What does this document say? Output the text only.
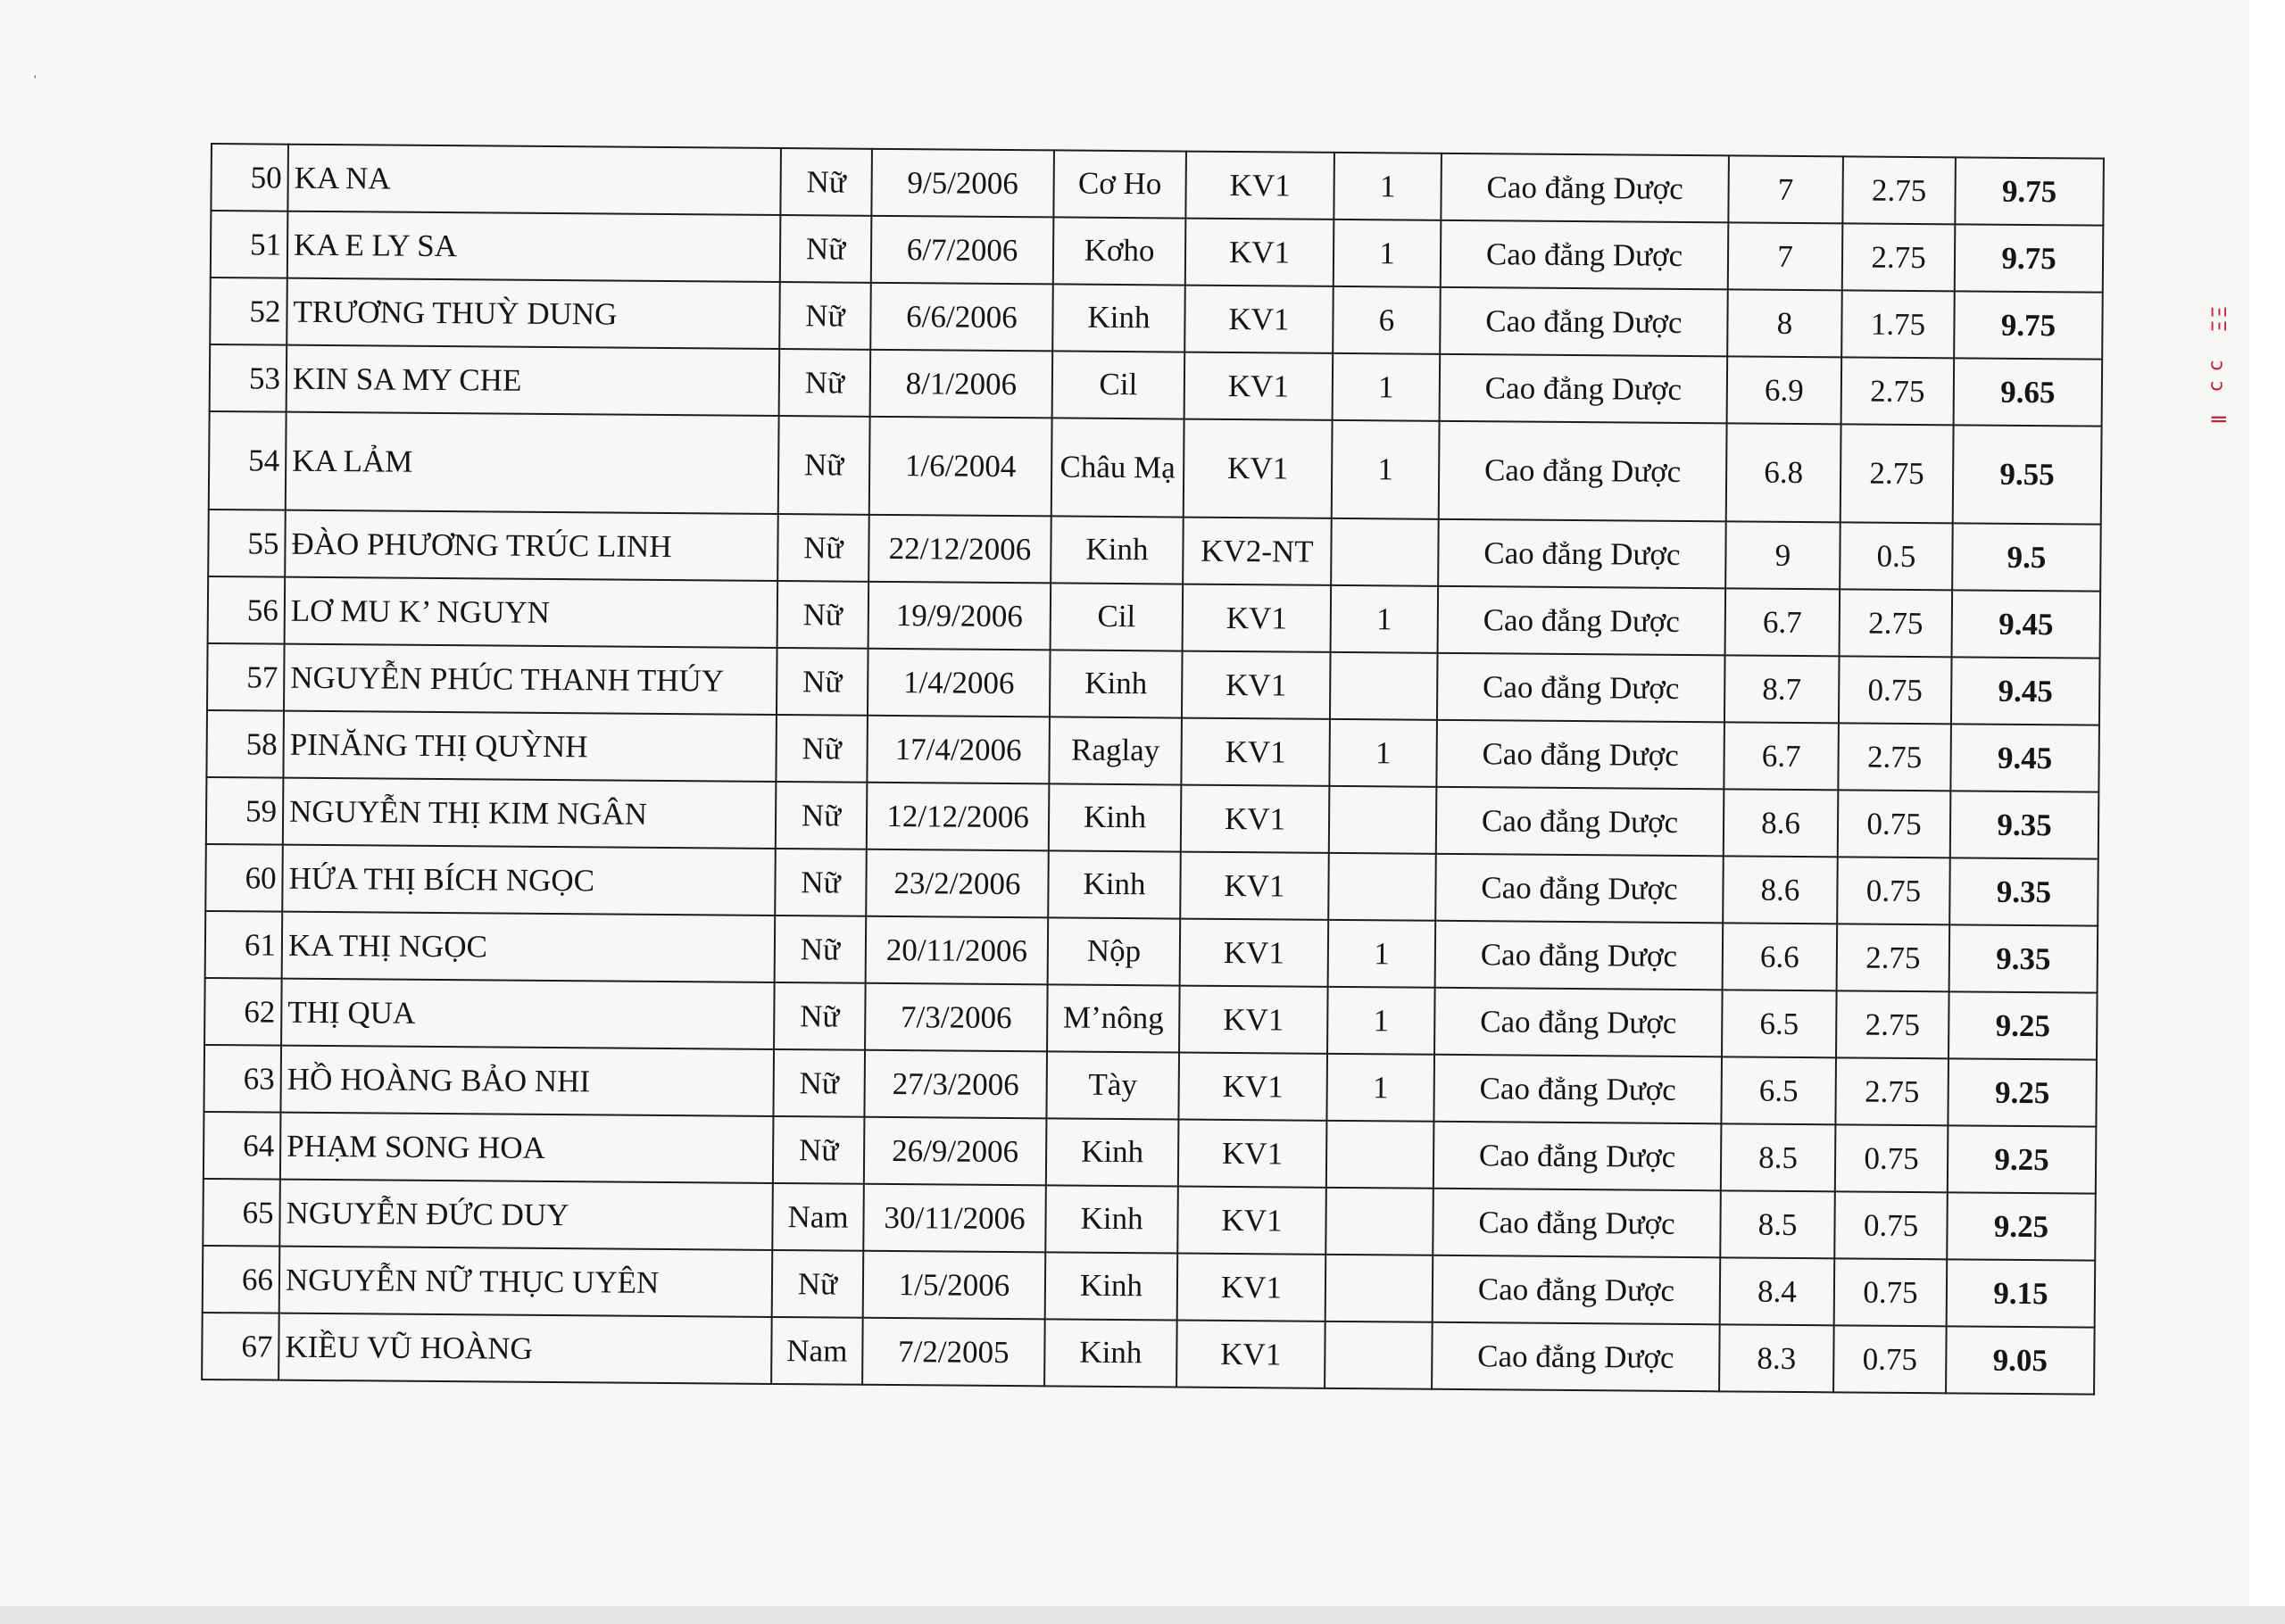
ˌ
50	KA NA	Nữ	9/5/2006	Cơ Ho	KV1	1	Cao đẳng Dược	7	2.75	9.75
51	KA E LY SA	Nữ	6/7/2006	Kơho	KV1	1	Cao đẳng Dược	7	2.75	9.75
52	TRƯƠNG THUỲ DUNG	Nữ	6/6/2006	Kinh	KV1	6	Cao đẳng Dược	8	1.75	9.75
53	KIN SA MY CHE	Nữ	8/1/2006	Cil	KV1	1	Cao đẳng Dược	6.9	2.75	9.65
54	KA LẢM	Nữ	1/6/2004	Châu Mạ	KV1	1	Cao đẳng Dược	6.8	2.75	9.55
55	ĐÀO PHƯƠNG TRÚC LINH	Nữ	22/12/2006	Kinh	KV2-NT		Cao đẳng Dược	9	0.5	9.5
56	LƠ MU K’ NGUYN	Nữ	19/9/2006	Cil	KV1	1	Cao đẳng Dược	6.7	2.75	9.45
57	NGUYỄN PHÚC THANH THÚY	Nữ	1/4/2006	Kinh	KV1		Cao đẳng Dược	8.7	0.75	9.45
58	PINĂNG THỊ QUỲNH	Nữ	17/4/2006	Raglay	KV1	1	Cao đẳng Dược	6.7	2.75	9.45
59	NGUYỄN THỊ KIM NGÂN	Nữ	12/12/2006	Kinh	KV1		Cao đẳng Dược	8.6	0.75	9.35
60	HỨA THỊ BÍCH NGỌC	Nữ	23/2/2006	Kinh	KV1		Cao đẳng Dược	8.6	0.75	9.35
61	KA THỊ NGỌC	Nữ	20/11/2006	Nộp	KV1	1	Cao đẳng Dược	6.6	2.75	9.35
62	THỊ QUA	Nữ	7/3/2006	M’nông	KV1	1	Cao đẳng Dược	6.5	2.75	9.25
63	HỒ HOÀNG BẢO NHI	Nữ	27/3/2006	Tày	KV1	1	Cao đẳng Dược	6.5	2.75	9.25
64	PHẠM SONG HOA	Nữ	26/9/2006	Kinh	KV1		Cao đẳng Dược	8.5	0.75	9.25
65	NGUYỄN ĐỨC DUY	Nam	30/11/2006	Kinh	KV1		Cao đẳng Dược	8.5	0.75	9.25
66	NGUYỄN NỮ THỤC UYÊN	Nữ	1/5/2006	Kinh	KV1		Cao đẳng Dược	8.4	0.75	9.15
67	KIỀU VŨ HOÀNG	Nam	7/2/2005	Kinh	KV1		Cao đẳng Dược	8.3	0.75	9.05
ΞΞ
ɔ ɔ
Ⅱ
